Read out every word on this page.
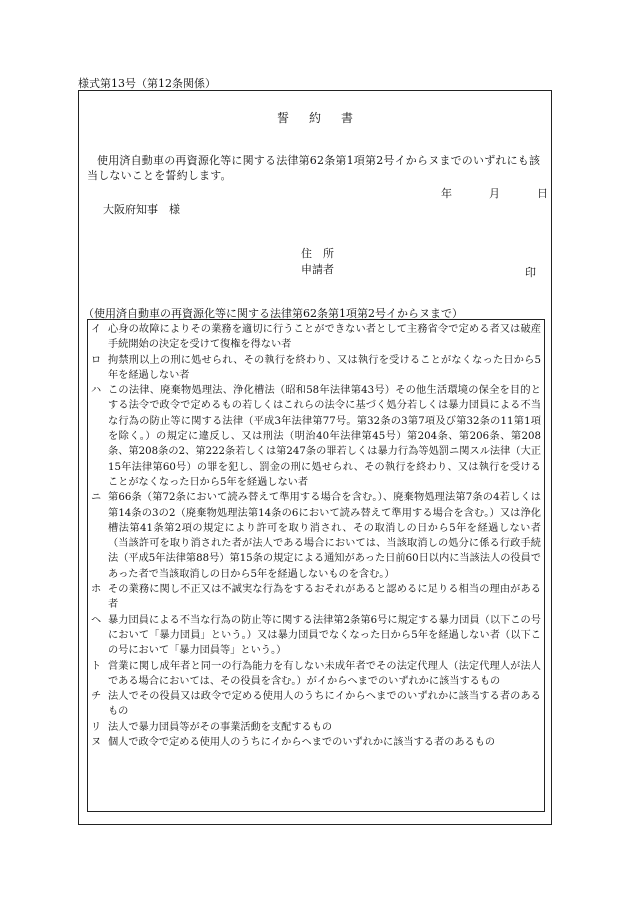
様式第13号（第12条関係）
誓約書
使用済自動車の再資源化等に関する法律第62条第1項第2号イからヌまでのいずれにも該当しないことを誓約します。
年	月	日
大阪府知事　様
住　所
申請者	印
（使用済自動車の再資源化等に関する法律第62条第1項第2号イからヌまで）
イ 心身の故障によりその業務を適切に行うことができない者として主務省令で定める者又は破産手続開始の決定を受けて復権を得ない者
ロ 拘禁刑以上の刑に処せられ、その執行を終わり、又は執行を受けることがなくなった日から5年を経過しない者
ハ この法律、廃棄物処理法、浄化槽法（昭和58年法律第43号）その他生活環境の保全を目的とする法令で政令で定めるもの若しくはこれらの法令に基づく処分若しくは暴力団員による不当な行為の防止等に関する法律（平成3年法律第77号。第32条の3第7項及び第32条の11第1項を除く。）の規定に違反し、又は刑法（明治40年法律第45号）第204条、第206条、第208条、第208条の2、第222条若しくは第247条の罪若しくは暴力行為等処罰ニ関スル法律（大正15年法律第60号）の罪を犯し、罰金の刑に処せられ、その執行を終わり、又は執行を受けることがなくなった日から5年を経過しない者
ニ 第66条（第72条において読み替えて準用する場合を含む。）、廃棄物処理法第7条の4若しくは第14条の3の2（廃棄物処理法第14条の6において読み替えて準用する場合を含む。）又は浄化槽法第41条第2項の規定により許可を取り消され、その取消しの日から5年を経過しない者（当該許可を取り消された者が法人である場合においては、当該取消しの処分に係る行政手続法（平成5年法律第88号）第15条の規定による通知があった日前60日以内に当該法人の役員であった者で当該取消しの日から5年を経過しないものを含む。）
ホ その業務に関し不正又は不誠実な行為をするおそれがあると認めるに足りる相当の理由がある者
ヘ 暴力団員による不当な行為の防止等に関する法律第2条第6号に規定する暴力団員（以下この号において「暴力団員」という。）又は暴力団員でなくなった日から5年を経過しない者（以下この号において「暴力団員等」という。）
ト 営業に関し成年者と同一の行為能力を有しない未成年者でその法定代理人（法定代理人が法人である場合においては、その役員を含む。）がイからヘまでのいずれかに該当するもの
チ 法人でその役員又は政令で定める使用人のうちにイからヘまでのいずれかに該当する者のあるもの
リ 法人で暴力団員等がその事業活動を支配するもの
ヌ 個人で政令で定める使用人のうちにイからヘまでのいずれかに該当する者のあるもの
